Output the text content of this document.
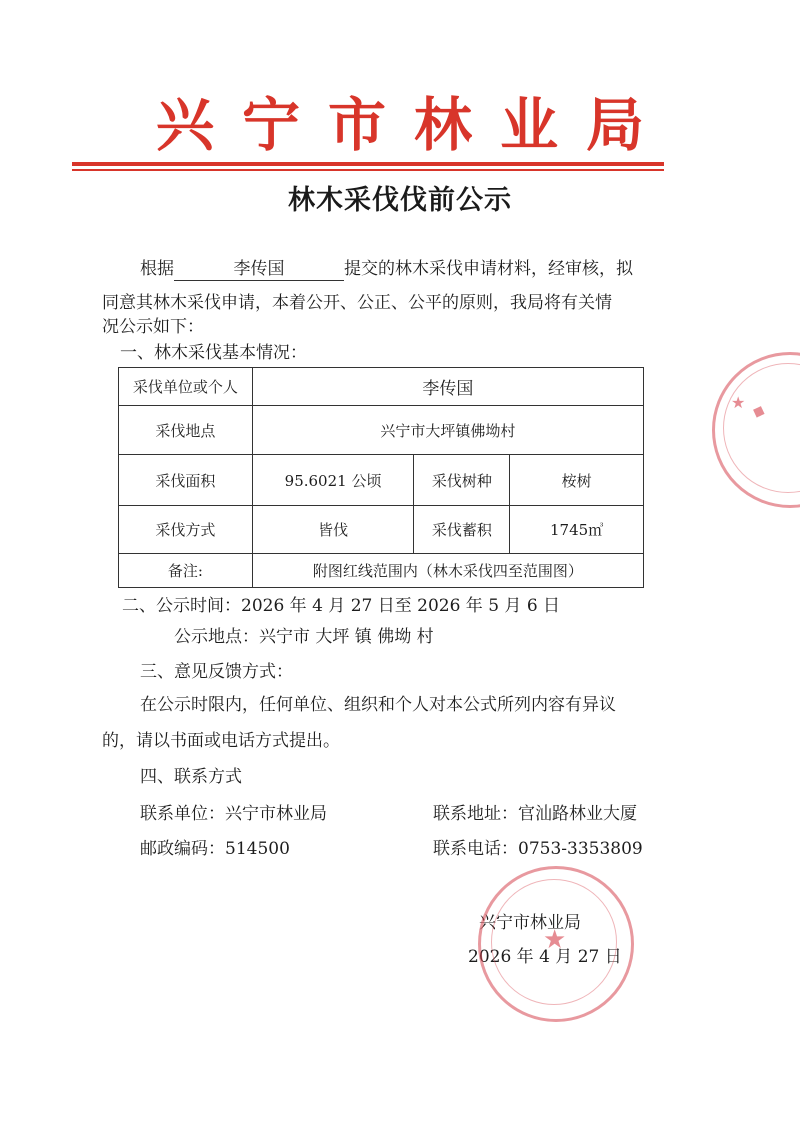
兴宁市林业局
林木采伐伐前公示
根据	李传国	提交的林木采伐申请材料，经审核，拟
同意其林木采伐申请，本着公开、公正、公平的原则，我局将有关情
况公示如下：
一、林木采伐基本情况：
采伐单位或个人	李传国		
采伐地点	兴宁市大坪镇佛坳村		
采伐面积	95.6021 公顷	采伐树种	桉树
采伐方式	皆伐	采伐蓄积	1745㎥
备注:	附图红线范围内（林木采伐四至范围图）		
二、公示时间：2026 年 4 月 27 日至 2026 年 5 月 6 日
公示地点：兴宁市 大坪 镇 佛坳 村
三、意见反馈方式：
在公示时限内，任何单位、组织和个人对本公式所列内容有异议
的，请以书面或电话方式提出。
四、联系方式
联系单位：兴宁市林业局	联系地址：官汕路林业大厦
邮政编码：514500	联系电话：0753-3353809
兴宁市林业局
2026 年 4 月 27 日
★ ◆
★
